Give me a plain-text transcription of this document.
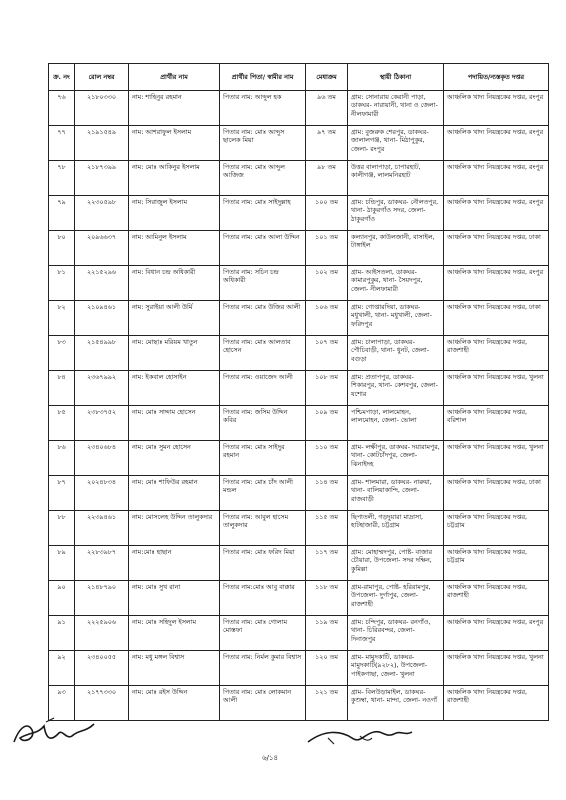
ক্র. নং	রোল নম্বর	প্রার্থীর নাম	প্রার্থীর পিতা/ স্বামীর নাম	মেধাক্রম	স্থায়ী ঠিকানা	পদায়িত/ন্যস্তকৃত দপ্তর
৭৬	২১৮০৩৩০	নাম: শাহিনুর রহমান	পিতার নাম: আব্দুল হক	৯৬ তম	গ্রাম: সোনারায় কেরানী পাড়া, ডাকঘর- নারায়ানী, থানা ও জেলা- নীলফামারী	আঞ্চলিক খাদ্য নিয়ন্ত্রকের দপ্তর, রংপুর
৭৭	২১৯১৫৪৯	নাম: আশরাফুল ইসলাম	পিতার নাম: মোঃ আব্দুস ছালেক মিয়া	৯৭ তম	গ্রাম: বুজরুক শেরপুর, ডাকঘর- জালালগঞ্জ, থানা- মিঠাপুকুর, জেলা- রংপুর	আঞ্চলিক খাদ্য নিয়ন্ত্রকের দপ্তর, রংপুর
৭৮	২১৮৭৩৯৯	নাম: মোঃ আকিনুর ইসলাম	পিতার নাম: মোঃ আব্দুল আজিজ	৯৮ তম	উত্তর বালাপাড়া, চাপারহাট, কালীগঞ্জ, লালমনিরহাট	আঞ্চলিক খাদ্য নিয়ন্ত্রকের দপ্তর, রংপুর
৭৯	২২৩০৫৯৮	নাম: সিরাজুল ইসলাম	পিতার নাম: মোঃ সাইদুল্লাহ	১০০ তম	গ্রাম: চন্ডিপুর, ডাকঘর- নৌলতপুর, থানা- ঠাকুরগাঁও সদর, জেলা- ঠাকুরগাঁও	আঞ্চলিক খাদ্য নিয়ন্ত্রকের দপ্তর, রংপুর
৮০	২০৯৬৬৩৭	নাম: আমিনুল ইসলাম	পিতার নাম: মোঃ আলা উদ্দিন	১০১ তম	কল্যানপুর, কাউলজানী, বাসাইল, টাঙ্গাইল	আঞ্চলিক খাদ্য নিয়ন্ত্রকের দপ্তর, ঢাকা
৮১	২২১৫২৯৬	নাম: বিধান চন্দ্র অধিকারী	পিতার নাম: সচিন চন্দ্র অধিকারী	১০২ তম	গ্রাম- আইসতলা, ডাকঘর- কামারপুকুর, থানা- সৈয়দপুর, জেলা- নীলফামারী	আঞ্চলিক খাদ্য নিয়ন্ত্রকের দপ্তর, রংপুর
৮২	২১০৯৪৬১	নাম: সুরাইয়া আলী উর্মি	পিতার নাম: মোঃ উজির আলী	১০৬ তম	গ্রাম: গোপ্তারদিয়া, ডাকঘর- মধুখালী, থানা- মধুখালী, জেলা- ফরিদপুর	আঞ্চলিক খাদ্য নিয়ন্ত্রকের দপ্তর, ঢাকা
৮৩	২১৫৪৯৯৮	নাম: মোছাঃ মরিয়ম খাতুন	পিতার নাম: মোঃ আলতাব হোসেন	১০৭ তম	গ্রাম: চালাপাড়া, ডাকঘর- পৌচিবাড়ী, থানা- ধুনট, জেলা- বগুড়া	আঞ্চলিক খাদ্য নিয়ন্ত্রকের দপ্তর, রাজশাহী
৮৪	২৩৬৭৯৯২	নাম: ইকবাল হোসাইন	পিতার নাম: ওয়াজেদ আলী	১০৮ তম	গ্রাম: প্রতাপপুর, ডাকঘর- শিকারপুর, থানা- কেশবপুর, জেলা- যশোর	আঞ্চলিক খাদ্য নিয়ন্ত্রকের দপ্তর, খুলনা
৮৫	২৩৮৩৭৫২	নাম: মোঃ সাদ্দাম হোসেন	পিতার নাম: জসিম উদ্দিন কবির	১০৯ তম	পশ্চিমপাড়া, লালমোহন, লালমোহন, জেলা- ভোলা	আঞ্চলিক খাদ্য নিয়ন্ত্রকের দপ্তর, বরিশাল
৮৬	২৩৪০৬৮৪	নাম: মোঃ সুমন হোসেন	পিতার নাম: মোঃ সাইদুর রহমান	১১০ তম	গ্রাম- লক্ষীপুর, ডাকঘর- দয়ারামপুর, থানা- কোটচাঁদপুর, জেলা- ঝিনাইদহ	আঞ্চলিক খাদ্য নিয়ন্ত্রকের দপ্তর, খুলনা
৮৭	২০২৪৮৩৪	নাম: মোঃ শাফিউর রহমান	পিতার নাম: মোঃ চাঁদ আলী মন্ডল	১১৪ তম	গ্রাম- শালমারা, ডাকঘর- নারুয়া, থানা- বালিয়াকান্দি, জেলা- রাজবাড়ী	আঞ্চলিক খাদ্য নিয়ন্ত্রকের দপ্তর, ঢাকা
৮৮	২২৩৯৪৬১	নাম: মোসলেহ উদ্দিন তালুকদার	পিতার নাম: আবুল হাসেম তালুকদার	১১৫ তম	ছিপাতলী, গড়দুয়ারা মাদ্রাসা, হাটহাজারী, চট্টগ্রাম	আঞ্চলিক খাদ্য নিয়ন্ত্রকের দপ্তর, চট্টগ্রাম
৮৯	২২৮৩৯৮৭	নাম:মোঃ হাছান	পিতার নাম: মোঃ ফরিদ মিয়া	১১৭ তম	গ্রাম: মোহাম্মদপুর, পোষ্ট- বাজার চৌয়ারা, উপজেলা- সদর দক্ষিন, কুমিল্লা	আঞ্চলিক খাদ্য নিয়ন্ত্রকের দপ্তর, চট্টগ্রাম
৯০	২১৪৮৭৯০	নাম: মোঃ সুখ রানা	পিতার নাম:মোঃ আবু বাক্কার	১১৮ তম	গ্রাম-রামাপুর, পোষ্ট- হরিরামপুর, উপজেলা- দুর্গাপুর, জেলা- রাজশাহী	আঞ্চলিক খাদ্য নিয়ন্ত্রকের দপ্তর, রাজশাহী
৯১	২২২৫৯০৬	নাম: মোঃ সহিদুল ইসলাম	পিতার নাম: মোঃ গোলাম মোস্তফা	১১৯ তম	গ্রাম: চন্দিপুর, ডাকঘর- রনগাঁও, থানা- চিরিরবন্দর, জেলা- দিনাজপুর	আঞ্চলিক খাদ্য নিয়ন্ত্রকের দপ্তর, রংপুর
৯২	২৩৪০০৫৫	নাম: মধু মঙ্গল বিশ্বাস	পিতার নাম: নির্মল কুমার বিশ্বাস	১২০ তম	গ্রাম- মামুদকাটি, ডাকঘর- মামুদকাটি(৯২৮২), উপজেলা- পাইকগাছা, জেলা- খুলনা	আঞ্চলিক খাদ্য নিয়ন্ত্রকের দপ্তর, খুলনা
৯৩	২১৭৭৩৩০	নাম: মোঃ রইস উদ্দিন	পিতার নাম: মোঃ লোকমান আলী	১২১ তম	গ্রাম- বিলউড়ামাইল, ডাকঘর- কুশুম্বা, থানা- মান্দা, জেলা- নওগাঁ	আঞ্চলিক খাদ্য নিয়ন্ত্রকের দপ্তর, রাজশাহী
৬/১৪
